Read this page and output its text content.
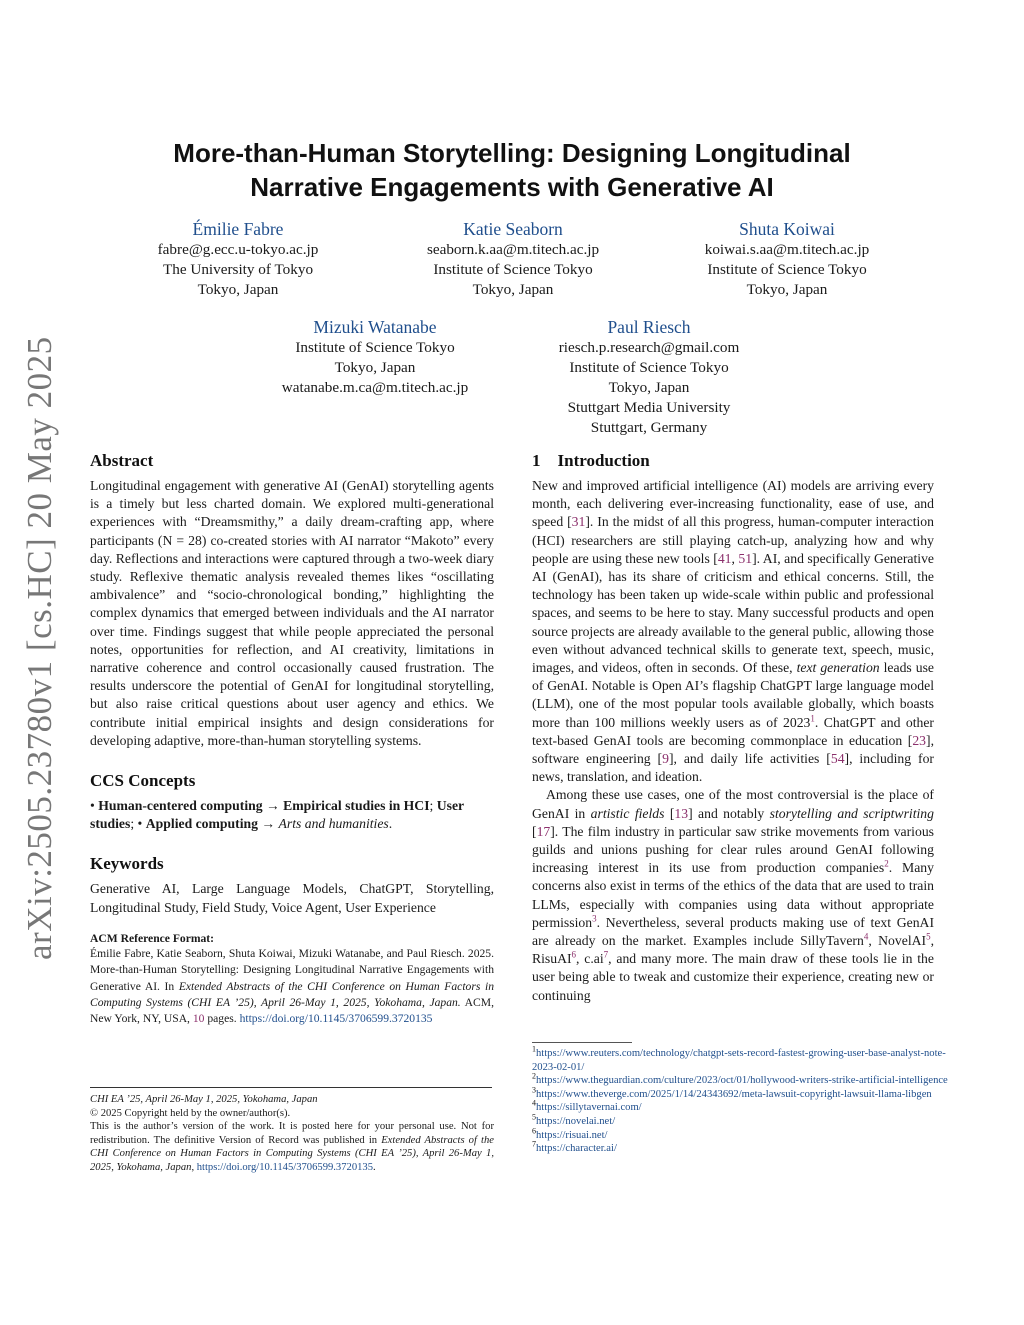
arXiv:2505.23780v1 [cs.HC] 20 May 2025
More-than-Human Storytelling: Designing Longitudinal
Narrative Engagements with Generative AI
Émilie Fabre
fabre@g.ecc.u-tokyo.ac.jp
The University of Tokyo
Tokyo, Japan
Katie Seaborn
seaborn.k.aa@m.titech.ac.jp
Institute of Science Tokyo
Tokyo, Japan
Shuta Koiwai
koiwai.s.aa@m.titech.ac.jp
Institute of Science Tokyo
Tokyo, Japan
Mizuki Watanabe
Institute of Science Tokyo
Tokyo, Japan
watanabe.m.ca@m.titech.ac.jp
Paul Riesch
riesch.p.research@gmail.com
Institute of Science Tokyo
Tokyo, Japan
Stuttgart Media University
Stuttgart, Germany
Abstract

Longitudinal engagement with generative AI (GenAI) storytelling agents is a timely but less charted domain. We explored multi-generational experiences with “Dreamsmithy,” a daily dream-crafting app, where participants (N = 28) co-created stories with AI narrator “Makoto” every day. Reflections and interactions were captured through a two-week diary study. Reflexive thematic analysis revealed themes likes “oscillating ambivalence” and “socio-chronological bonding,” highlighting the complex dynamics that emerged between individuals and the AI narrator over time. Findings suggest that while people appreciated the personal notes, opportunities for reflection, and AI creativity, limitations in narrative coherence and control occasionally caused frustration. The results underscore the potential of GenAI for longitudinal storytelling, but also raise critical questions about user agency and ethics. We contribute initial empirical insights and design considerations for developing adaptive, more-than-human storytelling systems.

CCS Concepts

• Human-centered computing → Empirical studies in HCI; User studies; • Applied computing → Arts and humanities.

Keywords

Generative AI, Large Language Models, ChatGPT, Storytelling, Longitudinal Study, Field Study, Voice Agent, User Experience

ACM Reference Format:

Émilie Fabre, Katie Seaborn, Shuta Koiwai, Mizuki Watanabe, and Paul Riesch. 2025. More-than-Human Storytelling: Designing Longitudinal Narrative Engagements with Generative AI. In Extended Abstracts of the CHI Conference on Human Factors in Computing Systems (CHI EA ’25), April 26-May 1, 2025, Yokohama, Japan. ACM, New York, NY, USA, 10 pages. https://doi.org/10.1145/3706599.3720135

CHI EA ’25, April 26-May 1, 2025, Yokohama, Japan
© 2025 Copyright held by the owner/author(s).
This is the author’s version of the work. It is posted here for your personal use. Not for redistribution. The definitive Version of Record was published in Extended Abstracts of the CHI Conference on Human Factors in Computing Systems (CHI EA ’25), April 26-May 1, 2025, Yokohama, Japan, https://doi.org/10.1145/3706599.3720135.
1    Introduction

New and improved artificial intelligence (AI) models are arriving every month, each delivering ever-increasing functionality, ease of use, and speed [31]. In the midst of all this progress, human-computer interaction (HCI) researchers are still playing catch-up, analyzing how and why people are using these new tools [41, 51]. AI, and specifically Generative AI (GenAI), has its share of criticism and ethical concerns. Still, the technology has been taken up wide-scale within public and professional spaces, and seems to be here to stay. Many successful products and open source projects are already available to the general public, allowing those even without advanced technical skills to generate text, speech, music, images, and videos, often in seconds. Of these, text generation leads use of GenAI. Notable is Open AI’s flagship ChatGPT large language model (LLM), one of the most popular tools available globally, which boasts more than 100 millions weekly users as of 2023$^1$. ChatGPT and other text-based GenAI tools are becoming commonplace in education [23], software engineering [9], and daily life activities [54], including for news, translation, and ideation.

Among these use cases, one of the most controversial is the place of GenAI in artistic fields [13] and notably storytelling and scriptwriting [17]. The film industry in particular saw strike movements from various guilds and unions pushing for clear rules around GenAI following increasing interest in its use from production companies$^2$. Many concerns also exist in terms of the ethics of the data that are used to train LLMs, especially with companies using data without appropriate permission$^3$. Nevertheless, several products making use of text GenAI are already on the market. Examples include SillyTavern$^4$, NovelAI$^5$, RisuAI$^6$, $c.ai^7$, and many more. The main draw of these tools lie in the user being able to tweak and customize their experience, creating new or continuing

$^1$https://www.reuters.com/technology/chatgpt-sets-record-fastest-growing-user-base-analyst-note-2023-02-01/
$^2$https://www.theguardian.com/culture/2023/oct/01/hollywood-writers-strike-artificial-intelligence
$^3$https://www.theverge.com/2025/1/14/24343692/meta-lawsuit-copyright-lawsuit-llama-libgen
$^4$https://sillytavernai.com/
$^5$https://novelai.net/
$^6$https://risuai.net/
$^7$https://character.ai/
